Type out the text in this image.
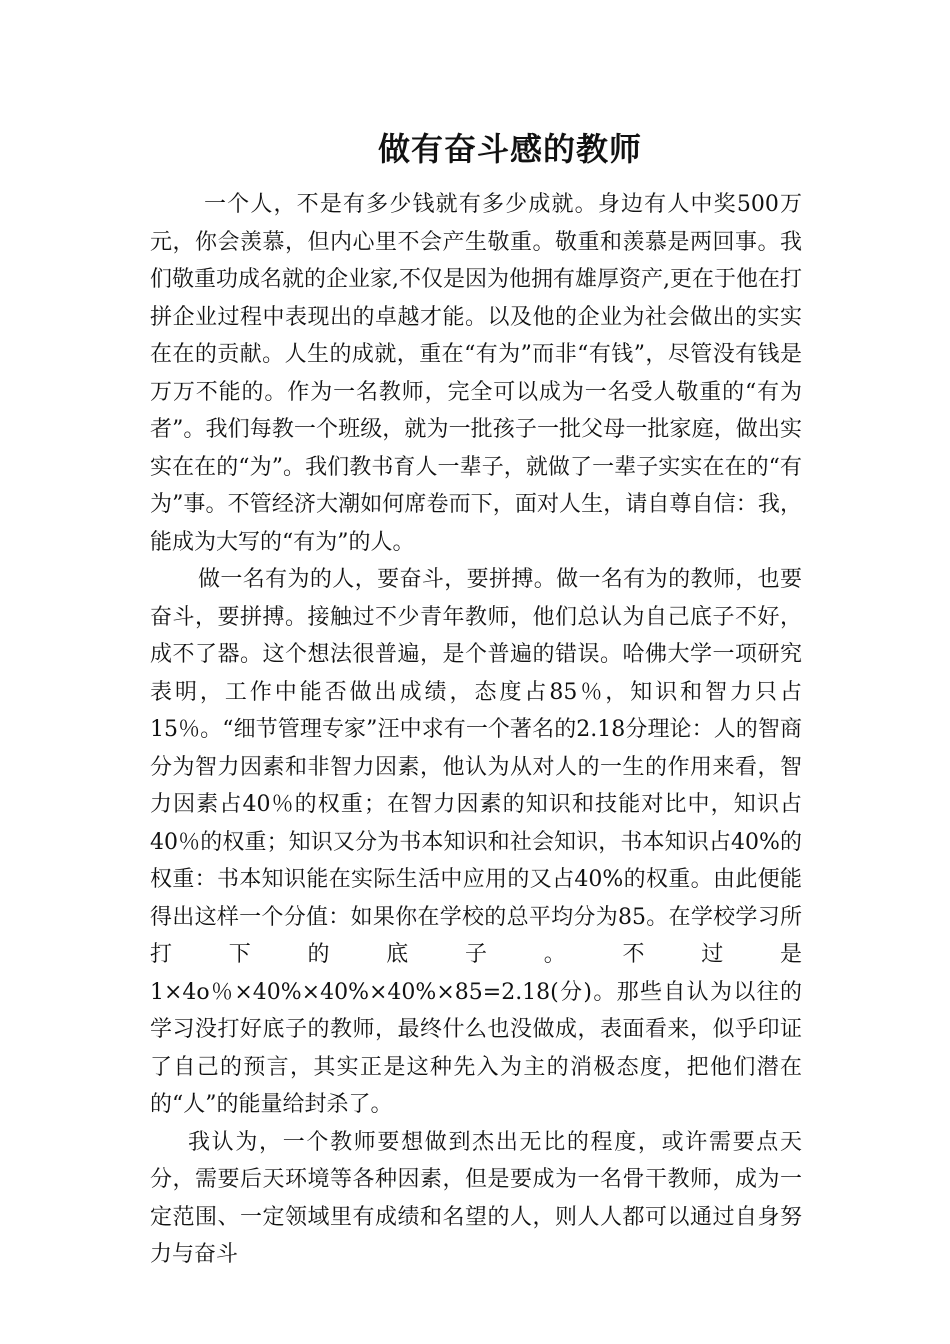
做有奋斗感的教师

一个人，不是有多少钱就有多少成就。身边有人中奖500万元，你会羡慕，但内心里不会产生敬重。敬重和羡慕是两回事。我们敬重功成名就的企业家,不仅是因为他拥有雄厚资产,更在于他在打拼企业过程中表现出的卓越才能。以及他的企业为社会做出的实实在在的贡献。人生的成就，重在“有为”而非“有钱”，尽管没有钱是万万不能的。作为一名教师，完全可以成为一名受人敬重的“有为者”。我们每教一个班级，就为一批孩子一批父母一批家庭，做出实实在在的“为”。我们教书育人一辈子，就做了一辈子实实在在的“有为”事。不管经济大潮如何席卷而下，面对人生，请自尊自信：我，能成为大写的“有为”的人。

做一名有为的人，要奋斗，要拼搏。做一名有为的教师，也要奋斗，要拼搏。接触过不少青年教师，他们总认为自己底子不好，成不了器。这个想法很普遍，是个普遍的错误。哈佛大学一项研究表明，工作中能否做出成绩，态度占85％，知识和智力只占15％。“细节管理专家”汪中求有一个著名的2.18分理论：人的智商分为智力因素和非智力因素，他认为从对人的一生的作用来看，智力因素占40％的权重；在智力因素的知识和技能对比中，知识占40％的权重；知识又分为书本知识和社会知识，书本知识占40%的权重：书本知识能在实际生活中应用的又占40%的权重。由此便能得出这样一个分值：如果你在学校的总平均分为85。在学校学习所打下的底子。不过是1×4o％×40%×40%×40%×85=2.18(分)。那些自认为以往的学习没打好底子的教师，最终什么也没做成，表面看来，似乎印证了自己的预言，其实正是这种先入为主的消极态度，把他们潜在的“人”的能量给封杀了。

我认为，一个教师要想做到杰出无比的程度，或许需要点天分，需要后天环境等各种因素，但是要成为一名骨干教师，成为一定范围、一定领域里有成绩和名望的人，则人人都可以通过自身努力与奋斗
